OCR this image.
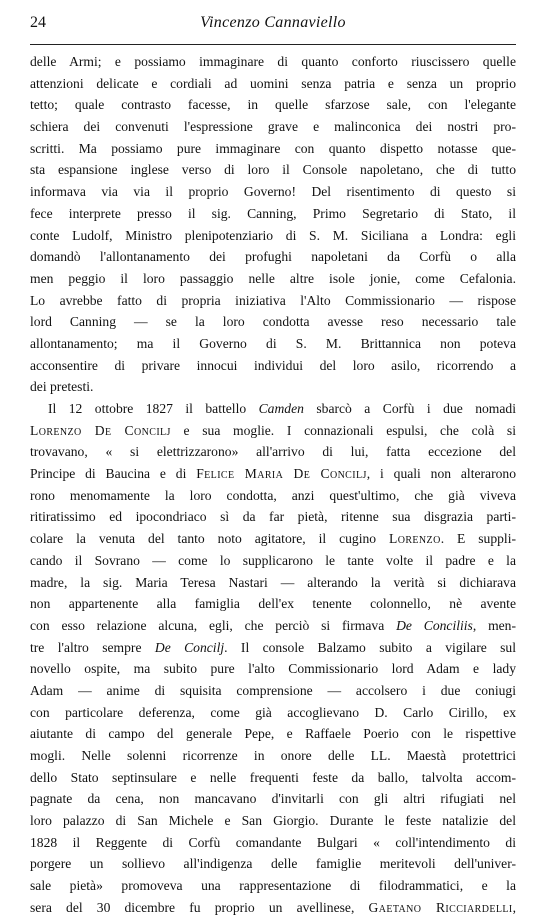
24	Vincenzo Cannaviello
delle Armi; e possiamo immaginare di quanto conforto riuscissero quelle
attenzioni delicate e cordiali ad uomini senza patria e senza un proprio
tetto; quale contrasto facesse, in quelle sfarzose sale, con l'elegante
schiera dei convenuti l'espressione grave e malinconica dei nostri pro-
scritti. Ma possiamo pure immaginare con quanto dispetto notasse que-
sta espansione inglese verso di loro il Console napoletano, che di tutto
informava via via il proprio Governo! Del risentimento di questo si
fece interprete presso il sig. Canning, Primo Segretario di Stato, il
conte Ludolf, Ministro plenipotenziario di S. M. Siciliana a Londra: egli
domandò l'allontanamento dei profughi napoletani da Corfù o alla
men peggio il loro passaggio nelle altre isole jonie, come Cefalonia.
Lo avrebbe fatto di propria iniziativa l'Alto Commissionario — rispose
lord Canning — se la loro condotta avesse reso necessario tale
allontanamento; ma il Governo di S. M. Brittannica non poteva
acconsentire di privare innocui individui del loro asilo, ricorrendo a
dei pretesti.
Il 12 ottobre 1827 il battello Camden sbarcò a Corfù i due nomadi
Lorenzo De Concilj e sua moglie. I connazionali espulsi, che colà si
trovavano, « si elettrizzarono» all'arrivo di lui, fatta eccezione del
Principe di Baucina e di Felice Maria De Concilj, i quali non alterarono
rono menomamente la loro condotta, anzi quest'ultimo, che già viveva
ritiratissimo ed ipocondriaco sì da far pietà, ritenne sua disgrazia parti-
colare la venuta del tanto noto agitatore, il cugino Lorenzo. E suppli-
cando il Sovrano — come lo supplicarono le tante volte il padre e la
madre, la sig. Maria Teresa Nastari — alterando la verità si dichiarava
non appartenente alla famiglia dell'ex tenente colonnello, nè avente
con esso relazione alcuna, egli, che perciò si firmava De Conciliis, men-
tre l'altro sempre De Concilj. Il console Balzamo subito a vigilare sul
novello ospite, ma subito pure l'alto Commissionario lord Adam e lady
Adam — anime di squisita comprensione — accolsero i due coniugi
con particolare deferenza, come già accoglievano D. Carlo Cirillo, ex
aiutante di campo del generale Pepe, e Raffaele Poerio con le rispettive
mogli. Nelle solenni ricorrenze in onore delle LL. Maestà protettrici
dello Stato septinsulare e nelle frequenti feste da ballo, talvolta accom-
pagnate da cena, non mancavano d'invitarli con gli altri rifugiati nel
loro palazzo di San Michele e San Giorgio. Durante le feste natalizie del
1828 il Reggente di Corfù comandante Bulgari « coll'intendimento di
porgere un sollievo all'indigenza delle famiglie meritevoli dell'univer-
sale pietà» promoveva una rappresentazione di filodrammatici, e la
sera del 30 dicembre fu proprio un avellinese, Gaetano Ricciardelli,
